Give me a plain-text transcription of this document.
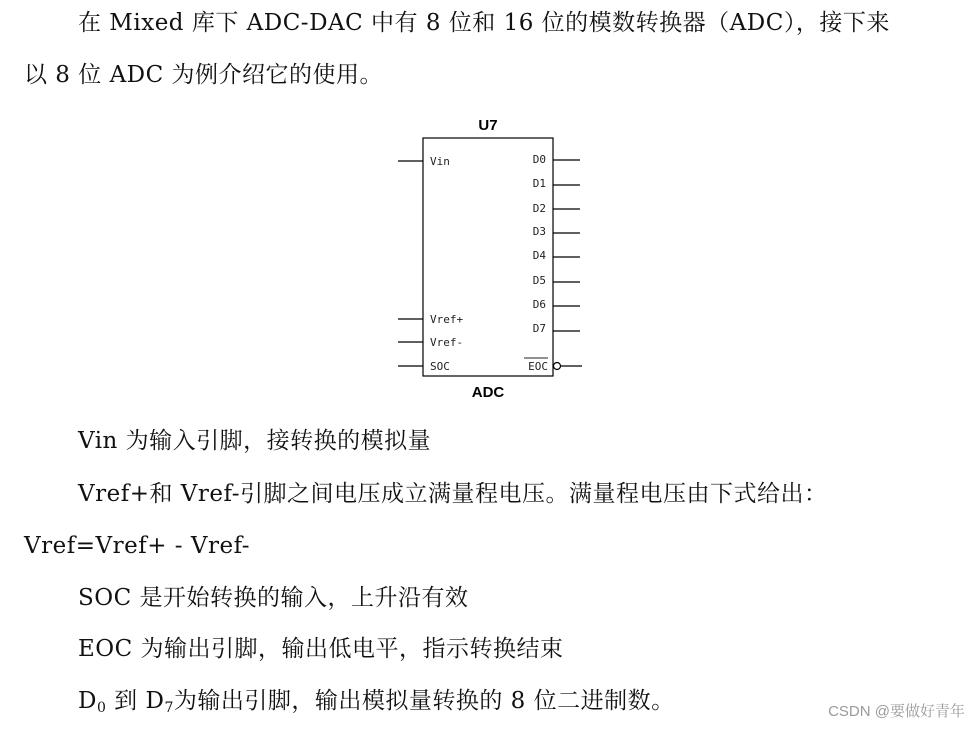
在 Mixed 库下 ADC-DAC 中有 8 位和 16 位的模数转换器（ADC），接下来
以 8 位 ADC 为例介绍它的使用。
U7
Vin
Vref+
Vref-
SOC
D0
D1
D2
D3
D4
D5
D6
D7
EOC
ADC
Vin 为输入引脚，接转换的模拟量
Vref+和 Vref-引脚之间电压成立满量程电压。满量程电压由下式给出：
Vref=Vref+ - Vref-
SOC 是开始转换的输入，上升沿有效
EOC 为输出引脚，输出低电平，指示转换结束
$D_0$ 到 $D_7$为输出引脚，输出模拟量转换的 8 位二进制数。	CSDN @要做好青年
